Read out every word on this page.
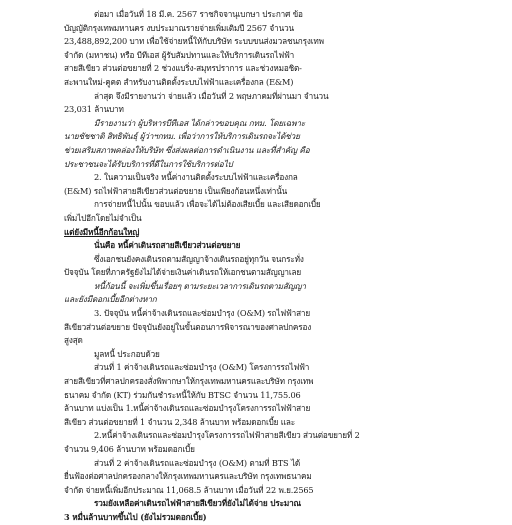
ต่อมา เมื่อวันที่ 18 มี.ค. 2567 ราชกิจจานุเบกษา ประกาศ ข้อ
บัญญัติกรุงเทพมหานคร งบประมาณรายจ่ายเพิ่มเติมปี 2567 จำนวน
23,488,892,200 บาท เพื่อใช้จ่ายหนี้ให้กับบริษัท ระบบขนส่งมวลชนกรุงเทพ
จำกัด (มหาชน) หรือ บีทีเอส ผู้รับสัมปทานและให้บริการเดินรถไฟฟ้า
สายสีเขียว ส่วนต่อขยายที่ 2 ช่วงแบริ่ง-สมุทรปราการ และช่วงหมอชิต-
สะพานใหม่-คูคต สำหรับงานติดตั้งระบบไฟฟ้าและเครื่องกล (E&M)
ล่าสุด จึงมีรายงานว่า จ่ายแล้ว เมื่อวันที่ 2 พฤษภาคมที่ผ่านมา จำนวน
23,031 ล้านบาท
มีรายงานว่า ผู้บริหารบีทีเอส ได้กล่าวขอบคุณ กทม. โดยเฉพาะ
นายชัชชาติ สิทธิพันธุ์ ผู้ว่าฯกทม. เพื่อว่าการให้บริการเดินรถจะได้ช่วย
ช่วยเสริมสภาพคล่องให้บริษัท ซึ่งส่งผลต่อการดำเนินงาน และที่สำคัญ คือ
ประชาชนจะได้รับบริการที่ดีในการใช้บริการต่อไป
2. ในความเป็นจริง หนี้ค่างานติดตั้งระบบไฟฟ้าและเครื่องกล
(E&M) รถไฟฟ้าสายสีเขียวส่วนต่อขยาย เป็นเพียงก้อนหนึ่งเท่านั้น
การจ่ายหนี้ไปนั้น ขอบแล้ว เพื่อจะได้ไม่ต้องเสียเบี้ย และเสียดอกเบี้ย
เพิ่มไปอีกโดยไม่จำเป็น
แต่ยังมีหนี้อีกก้อนใหญ่
นั่นคือ หนี้ค่าเดินรถสายสีเขียวส่วนต่อขยาย
ซึ่งเอกชนยังคงเดินรถตามสัญญาจ้างเดินรถอยู่ทุกวัน จนกระทั่ง
ปัจจุบัน โดยที่ภาครัฐยังไม่ได้จ่ายเงินค่าเดินรถให้เอกชนตามสัญญาเลย
หนี้ก้อนนี้ จะเพิ่มขึ้นเรื่อยๆ ตามระยะเวลาการเดินรถตามสัญญา
และยังมีดอกเบี้ยอีกต่างหาก
3. ปัจจุบัน หนี้ค่าจ้างเดินรถและซ่อมบำรุง (O&M) รถไฟฟ้าสาย
สีเขียวส่วนต่อขยาย ปัจจุบันยังอยู่ในขั้นตอนการพิจารณาของศาลปกครอง
สูงสุด
มูลหนี้ ประกอบด้วย
ส่วนที่ 1 ค่าจ้างเดินรถและซ่อมบำรุง (O&M) โครงการรถไฟฟ้า
สายสีเขียวที่ศาลปกครองสั่งพิพากษาให้กรุงเทพมหานครและบริษัท กรุงเทพ
ธนาคม จำกัด (KT) ร่วมกันชำระหนี้ให้กับ BTSC จำนวน 11,755.06
ล้านบาท แบ่งเป็น 1.หนี้ค่าจ้างเดินรถและซ่อมบำรุงโครงการรถไฟฟ้าสาย
สีเขียว ส่วนต่อขยายที่ 1 จำนวน 2,348 ล้านบาท พร้อมดอกเบี้ย และ
2.หนี้ค่าจ้างเดินรถและซ่อมบำรุงโครงการรถไฟฟ้าสายสีเขียว ส่วนต่อขยายที่ 2
จำนวน 9,406 ล้านบาท พร้อมดอกเบี้ย
ส่วนที่ 2 ค่าจ้างเดินรถและซ่อมบำรุง (O&M) ตามที่ BTS ได้
ยื่นฟ้องต่อศาลปกครองกลางให้กรุงเทพมหานครและบริษัท กรุงเทพธนาคม
จำกัด จ่ายหนี้เพิ่มอีกประมาณ 11,068.5 ล้านบาท เมื่อวันที่ 22 พ.ย.2565
รวมยังเหลือค่าเดินรถไฟฟ้าสายสีเขียวที่ยังไม่ได้จ่าย ประมาณ
3 หมื่นล้านบาทขึ้นไป (ยังไม่รวมดอกเบี้ย)
